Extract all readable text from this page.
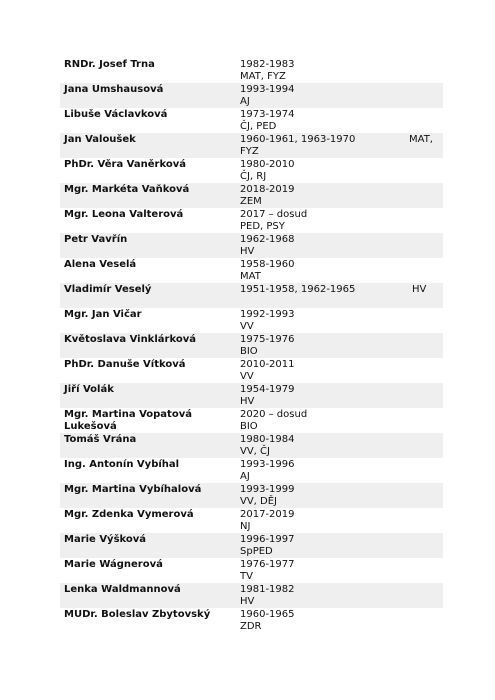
RNDr. Josef Trna	1982-1983
MAT, FYZ
Jana Umshausová	1993-1994
AJ
Libuše Václavková	1973-1974
ČJ, PED
Jan Valoušek	1960-1961, 1963-1970	MAT,
FYZ
PhDr. Věra Vaněrková	1980-2010
ČJ, RJ
Mgr. Markéta Vaňková	2018-2019
ZEM
Mgr. Leona Valterová	2017 – dosud
PED, PSY
Petr Vavřín	1962-1968
HV
Alena Veselá	1958-1960
MAT
Vladimír Veselý	1951-1958, 1962-1965	HV
Mgr. Jan Vičar	1992-1993
VV
Květoslava Vinklárková	1975-1976
BIO
PhDr. Danuše Vítková	2010-2011
VV
Jiří Volák	1954-1979
HV
Mgr. Martina Vopatová Lukešová
2020 – dosud
BIO
Tomáš Vrána	1980-1984
VV, ČJ
Ing. Antonín Vybíhal	1993-1996
AJ
Mgr. Martina Vybíhalová	1993-1999
VV, DĚJ
Mgr. Zdenka Vymerová	2017-2019
NJ
Marie Výšková	1996-1997
SpPED
Marie Wágnerová	1976-1977
TV
Lenka Waldmannová	1981-1982
HV
MUDr. Boleslav Zbytovský	1960-1965
ZDR
